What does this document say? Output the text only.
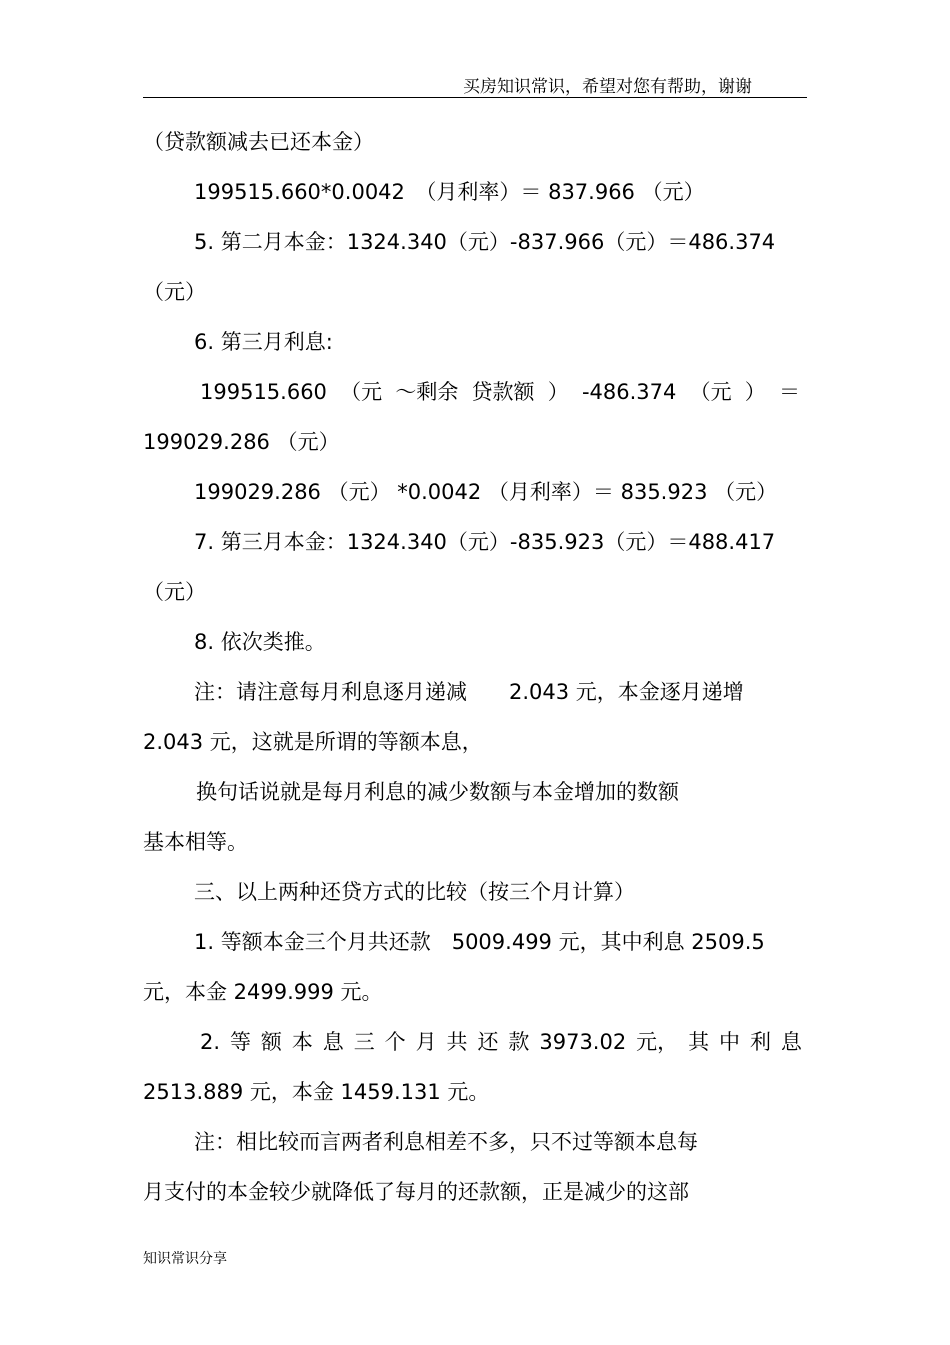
买房知识常识，希望对您有帮助，谢谢
（贷款额减去已还本金）
199515.660*0.0042　（月利率）＝ 837.966 （元）
5. 第二月本金：1324.340（元）-837.966（元）＝486.374
（元）
6. 第三月利息:
199515.660 （元 ～剩余 贷款额 ） -486.374 （元 ） ＝
199029.286 （元）
199029.286 （元） *0.0042 （月利率）＝ 835.923 （元）
7. 第三月本金：1324.340（元）-835.923（元）＝488.417
（元）
8. 依次类推。
注：请注意每月利息逐月递减　　2.043 元，本金逐月递增
2.043 元，这就是所谓的等额本息，
换句话说就是每月利息的减少数额与本金增加的数额
基本相等。
三、以上两种还贷方式的比较（按三个月计算）
1. 等额本金三个月共还款　5009.499 元，其中利息 2509.5
元，本金 2499.999 元。
2. 等 额 本 息 三 个 月 共 还 款 3973.02 元， 其 中 利 息
2513.889 元，本金 1459.131 元。
注：相比较而言两者利息相差不多，只不过等额本息每
月支付的本金较少就降低了每月的还款额，正是减少的这部
知识常识分享
